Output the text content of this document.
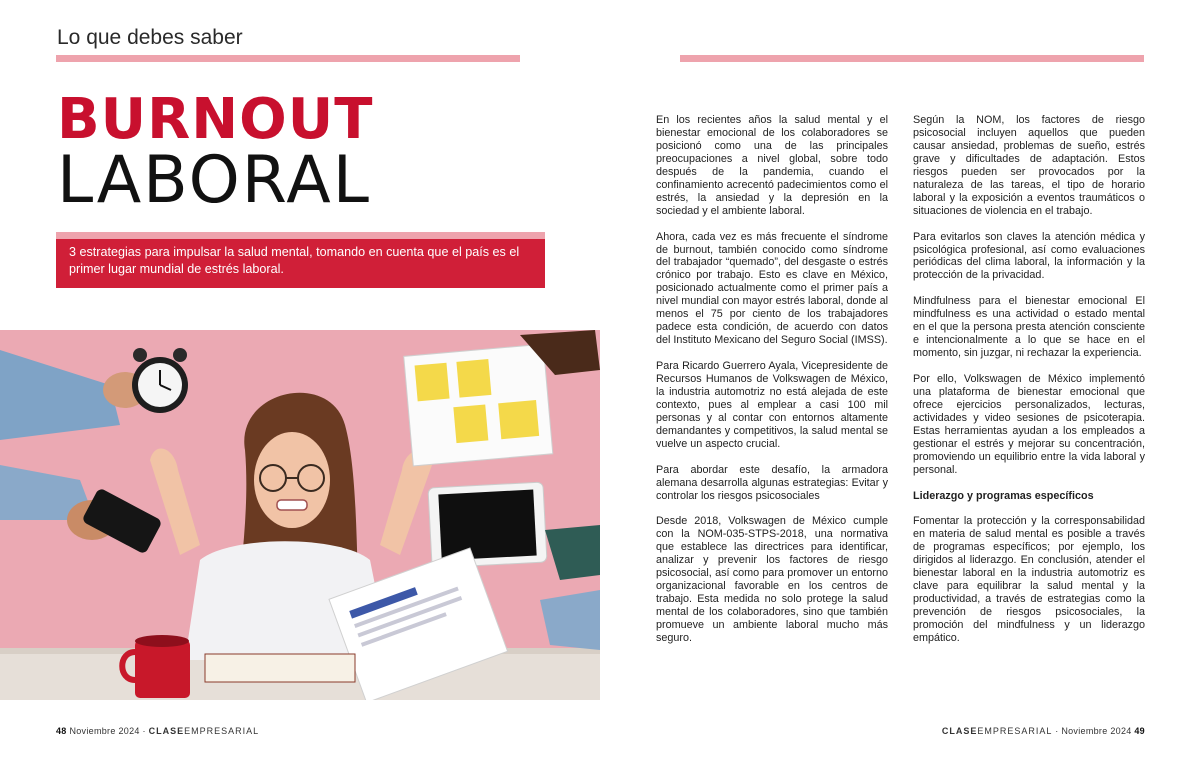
Lo que debes saber
BURNOUT
LABORAL
3 estrategias para impulsar la salud mental, tomando en cuenta que el país es el primer lugar mundial de estrés laboral.

En los recientes años la salud mental y el bienestar emocional de los colaboradores se posicionó como una de las principales preocupaciones a nivel global, sobre todo después de la pandemia, cuando el confinamiento acrecentó padecimientos como el estrés, la ansiedad y la depresión en la sociedad y el ambiente laboral.

Ahora, cada vez es más frecuente el síndrome de burnout, también conocido como síndrome del trabajador “quemado”, del desgaste o estrés crónico por trabajo. Esto es clave en México, posicionado actualmente como el primer país a nivel mundial con mayor estrés laboral, donde al menos el 75 por ciento de los trabajadores padece esta condición, de acuerdo con datos del Instituto Mexicano del Seguro Social (IMSS).

Para Ricardo Guerrero Ayala, Vicepresidente de Recursos Humanos de Volkswagen de México, la industria automotriz no está alejada de este contexto, pues al emplear a casi 100 mil personas y al contar con entornos altamente demandantes y competitivos, la salud mental se vuelve un aspecto crucial.

Para abordar este desafío, la armadora alemana desarrolla algunas estrategias: Evitar y controlar los riesgos psicosociales

Desde 2018, Volkswagen de México cumple con la NOM-035-STPS-2018, una normativa que establece las directrices para identificar, analizar y prevenir los factores de riesgo psicosocial, así como para promover un entorno organizacional favorable en los centros de trabajo. Esta medida no solo protege la salud mental de los colaboradores, sino que también promueve un ambiente laboral mucho más seguro.

Según la NOM, los factores de riesgo psicosocial incluyen aquellos que pueden causar ansiedad, problemas de sueño, estrés grave y dificultades de adaptación. Estos riesgos pueden ser provocados por la naturaleza de las tareas, el tipo de horario laboral y la exposición a eventos traumáticos o situaciones de violencia en el trabajo.

Para evitarlos son claves la atención médica y psicológica profesional, así como evaluaciones periódicas del clima laboral, la información y la protección de la privacidad.

Mindfulness para el bienestar emocional El mindfulness es una actividad o estado mental en el que la persona presta atención consciente e intencionalmente a lo que se hace en el momento, sin juzgar, ni rechazar la experiencia.

Por ello, Volkswagen de México implementó una plataforma de bienestar emocional que ofrece ejercicios personalizados, lecturas, actividades y video sesiones de psicoterapia. Estas herramientas ayudan a los empleados a gestionar el estrés y mejorar su concentración, promoviendo un equilibrio entre la vida laboral y personal.

Liderazgo y programas específicos

Fomentar la protección y la corresponsabilidad en materia de salud mental es posible a través de programas específicos; por ejemplo, los dirigidos al liderazgo. En conclusión, atender el bienestar laboral en la industria automotriz es clave para equilibrar la salud mental y la productividad, a través de estrategias como la prevención de riesgos psicosociales, la promoción del mindfulness y un liderazgo empático.

48 Noviembre 2024 · CLASEEMPRESARIAL	CLASEEMPRESARIAL · Noviembre 2024 49
